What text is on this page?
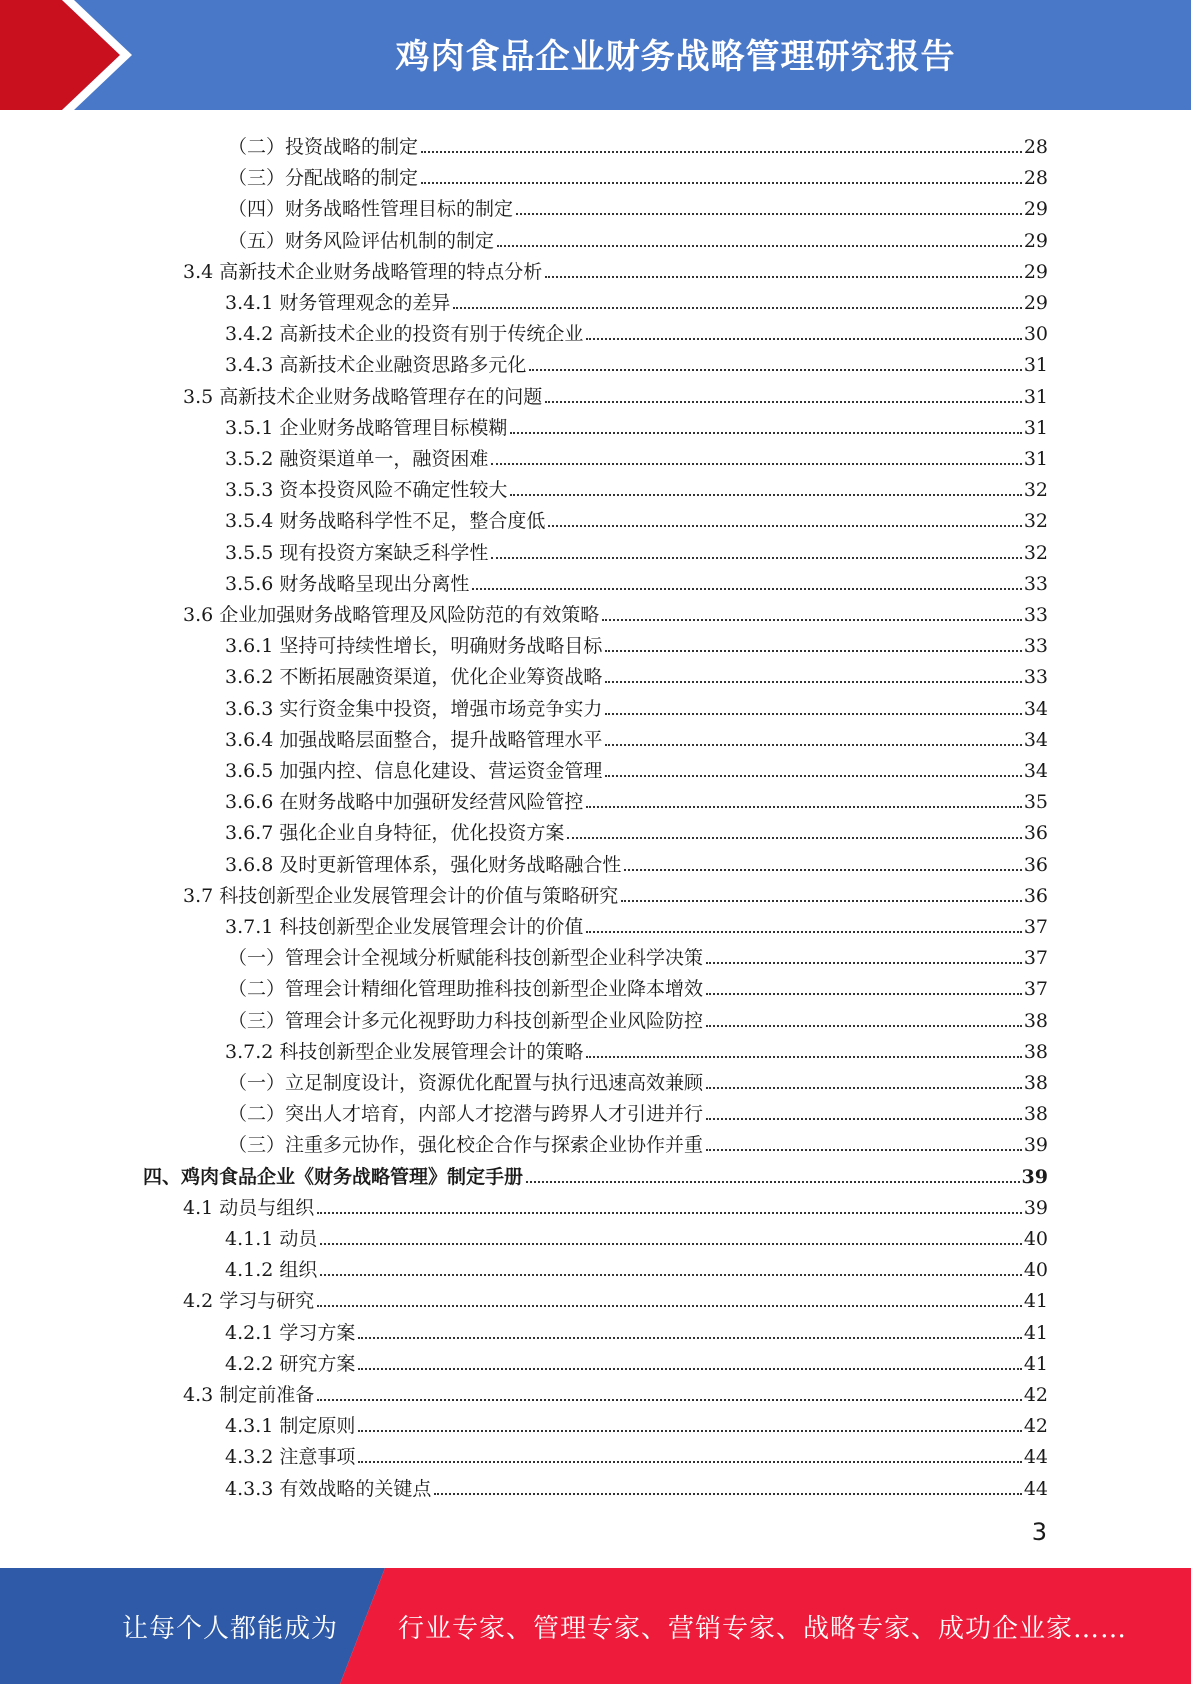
鸡肉食品企业财务战略管理研究报告
（二）投资战略的制定	28
（三）分配战略的制定	28
（四）财务战略性管理目标的制定	29
（五）财务风险评估机制的制定	29
3.4 高新技术企业财务战略管理的特点分析	29
3.4.1 财务管理观念的差异	29
3.4.2 高新技术企业的投资有别于传统企业	30
3.4.3 高新技术企业融资思路多元化	31
3.5 高新技术企业财务战略管理存在的问题	31
3.5.1 企业财务战略管理目标模糊	31
3.5.2 融资渠道单一，融资困难	31
3.5.3 资本投资风险不确定性较大	32
3.5.4 财务战略科学性不足，整合度低	32
3.5.5 现有投资方案缺乏科学性	32
3.5.6 财务战略呈现出分离性	33
3.6 企业加强财务战略管理及风险防范的有效策略	33
3.6.1 坚持可持续性增长，明确财务战略目标	33
3.6.2 不断拓展融资渠道，优化企业筹资战略	33
3.6.3 实行资金集中投资，增强市场竞争实力	34
3.6.4 加强战略层面整合，提升战略管理水平	34
3.6.5 加强内控、信息化建设、营运资金管理	34
3.6.6 在财务战略中加强研发经营风险管控	35
3.6.7 强化企业自身特征，优化投资方案	36
3.6.8 及时更新管理体系，强化财务战略融合性	36
3.7 科技创新型企业发展管理会计的价值与策略研究	36
3.7.1 科技创新型企业发展管理会计的价值	37
（一）管理会计全视域分析赋能科技创新型企业科学决策	37
（二）管理会计精细化管理助推科技创新型企业降本增效	37
（三）管理会计多元化视野助力科技创新型企业风险防控	38
3.7.2 科技创新型企业发展管理会计的策略	38
（一）立足制度设计，资源优化配置与执行迅速高效兼顾	38
（二）突出人才培育，内部人才挖潜与跨界人才引进并行	38
（三）注重多元协作，强化校企合作与探索企业协作并重	39
四、鸡肉食品企业《财务战略管理》制定手册	39
4.1 动员与组织	39
4.1.1 动员	40
4.1.2 组织	40
4.2 学习与研究	41
4.2.1 学习方案	41
4.2.2 研究方案	41
4.3 制定前准备	42
4.3.1 制定原则	42
4.3.2 注意事项	44
4.3.3 有效战略的关键点	44
3
让每个人都能成为	行业专家、管理专家、营销专家、战略专家、成功企业家……
